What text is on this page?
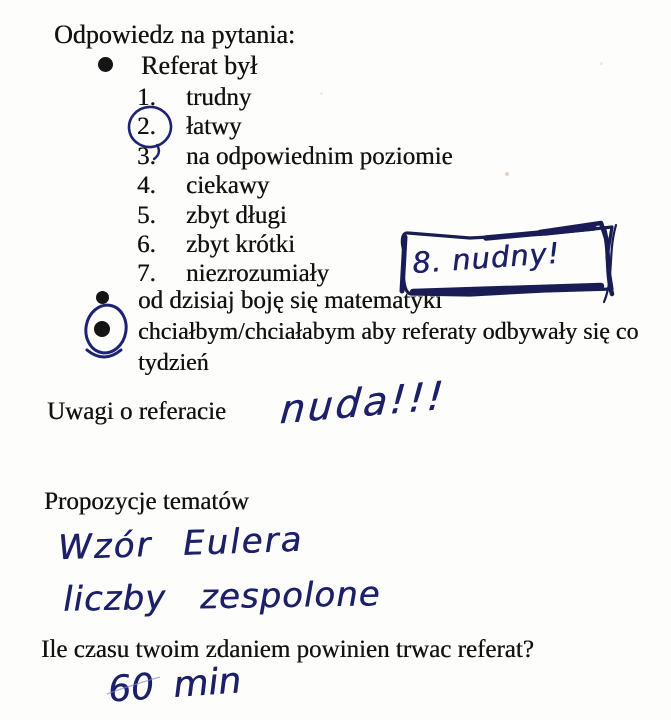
Odpowiedz na pytania:
Referat był
1.	trudny
2.	łatwy
3.	na odpowiednim poziomie
4.	ciekawy
5.	zbyt długi
6.	zbyt krótki
7.	niezrozumiały
od dzisiaj boję się matematyki
chciałbym/chciałabym aby referaty odbywały się co tydzień
Uwagi o referacie
Propozycje tematów
Ile czasu twoim zdaniem powinien trwac referat?
8. nudny!
nuda!!!
Wzór Eulera
liczby zespolone
60 min
